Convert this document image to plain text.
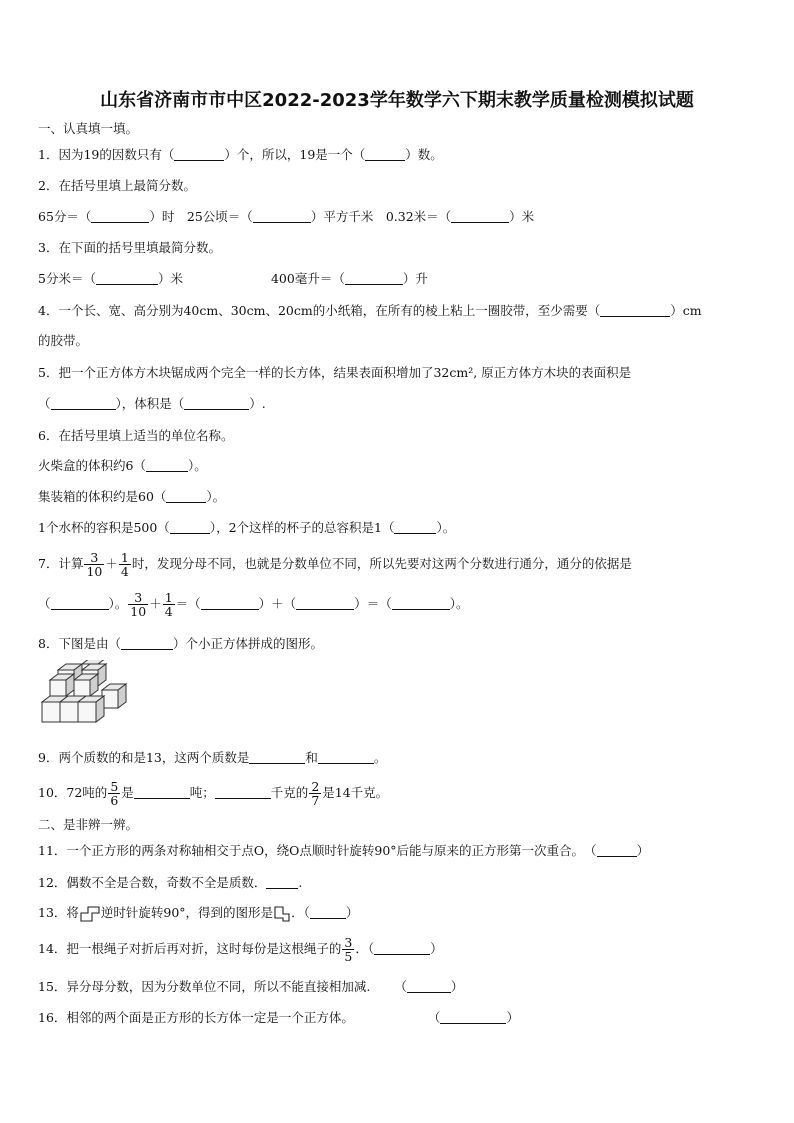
山东省济南市市中区2022-2023学年数学六下期末教学质量检测模拟试题
一、认真填一填。
1．因为19的因数只有（	）个，所以，19是一个（	）数。
2．在括号里填上最简分数。
65分＝（	）时　25公顷＝（	）平方千米　0.32米＝（	）米
3．在下面的括号里填最简分数。
5分米＝（	）米	400毫升＝（	）升
4．一个长、宽、高分别为40cm、30cm、20cm的小纸箱，在所有的棱上粘上一圈胶带，至少需要（	）cm
的胶带。
5．把一个正方体方木块锯成两个完全一样的长方体，结果表面积增加了32cm², 原正方体方木块的表面积是
（	），体积是（	）.
6．在括号里填上适当的单位名称。
火柴盒的体积约6（	）。
集装箱的体积约是60（	）。
1个水杯的容积是500（	），2个这样的杯子的总容积是1（	）。
7．计算 $\frac{3}{10} + \frac{1}{4}$ 时，发现分母不同，也就是分数单位不同，所以先要对这两个分数进行通分，通分的依据是
（	）。 $\frac{3}{10} + \frac{1}{4}$ ＝（	）＋（	）＝（	）。
8．下图是由（	）个小正方体拼成的图形。
9．两个质数的和是13，这两个质数是	和	。
10．72吨的 $\frac{5}{6}$ 是	吨；	千克的 $\frac{2}{7}$ 是14千克。
二、是非辨一辨。
11．一个正方形的两条对称轴相交于点O，绕O点顺时针旋转90°后能与原来的正方形第一次重合。　（	）
12．偶数不全是合数，奇数不全是质数．	.
13．将 逆时针旋转90°，得到的图形是 ．（	）
14．把一根绳子对折后再对折，这时每份是这根绳子的 $\frac{3}{5}$ ．（	）
15．异分母分数，因为分数单位不同，所以不能直接相加减. （	）
16．相邻的两个面是正方形的长方体一定是一个正方体。	（	）
